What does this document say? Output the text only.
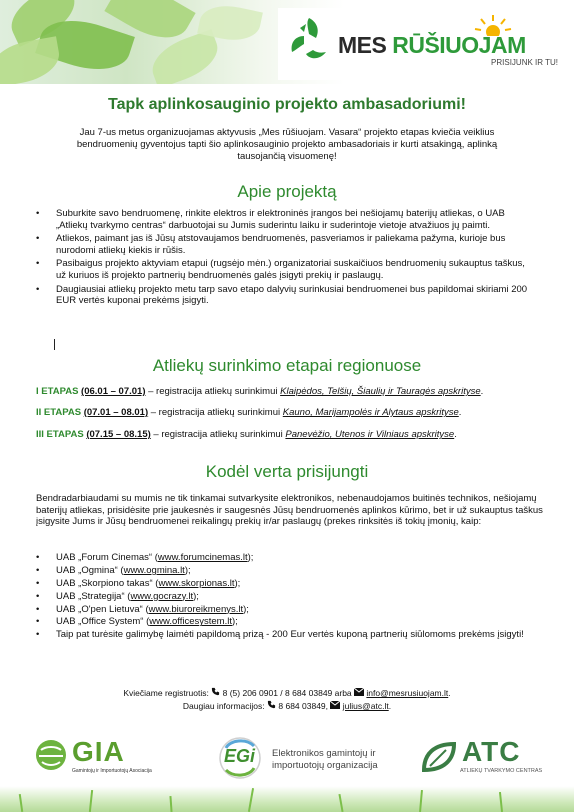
MES RŪŠIUOJAM
PRISIJUNK IR TU!
Tapk aplinkosauginio projekto ambasadoriumi!

Jau 7-us metus organizuojamas aktyvusis „Mes rūšiuojam. Vasara“ projekto etapas kviečia veiklius bendruomenių gyventojus tapti šio aplinkosauginio projekto ambasadoriais ir kurti atsakingą, aplinką tausojančią visuomenę!

Apie projektą
• Suburkite savo bendruomenę, rinkite elektros ir elektroninės įrangos bei nešiojamų baterijų atliekas, o UAB „Atliekų tvarkymo centras“ darbuotojai su Jumis suderintu laiku ir suderintoje vietoje atvažiuos jų paimti.
• Atliekos, paimant jas iš Jūsų atstovaujamos bendruomenės, pasveriamos ir paliekama pažyma, kurioje bus nurodomi atliekų kiekis ir rūšis.
• Pasibaigus projekto aktyviam etapui (rugsėjo mėn.) organizatoriai suskaičiuos bendruomenių sukauptus taškus, už kuriuos iš projekto partnerių bendruomenės galės įsigyti prekių ir paslaugų.
• Daugiausiai atliekų projekto metu tarp savo etapo dalyvių surinkusiai bendruomenei bus papildomai skiriami 200 EUR vertės kuponai prekėms įsigyti.
Atliekų surinkimo etapai regionuose

I ETAPAS (06.01 – 07.01) – registracija atliekų surinkimui Klaipėdos, Telšių, Šiaulių ir Tauragės apskrityse.

II ETAPAS (07.01 – 08.01) – registracija atliekų surinkimui Kauno, Marijampolės ir Alytaus apskrityse.

III ETAPAS (07.15 – 08.15) – registracija atliekų surinkimui Panevėžio, Utenos ir Vilniaus apskrityse.

Kodėl verta prisijungti

Bendradarbiaudami su mumis ne tik tinkamai sutvarkysite elektronikos, nebenaudojamos buitinės technikos, nešiojamų baterijų atliekas, prisidėsite prie jaukesnės ir saugesnės Jūsų bendruomenės aplinkos kūrimo, bet ir už sukauptus taškus įsigysite Jums ir Jūsų bendruomenei reikalingų prekių ir/ar paslaugų (prekes rinksitės iš tokių įmonių, kaip:

• UAB „Forum Cinemas“ (www.forumcinemas.lt);
• UAB „Ogmina“ (www.ogmina.lt);
• UAB „Skorpiono takas“ (www.skorpionas.lt);
• UAB „Strategija“ (www.gocrazy.lt);
• UAB „O'pen Lietuva“ (www.biuroreikmenys.lt);
• UAB „Office System“ (www.officesystem.lt);
• Taip pat turėsite galimybę laimėti papildomą prizą - 200 Eur vertės kuponą partnerių siūlomoms prekėms įsigyti!

Kviečiame registruotis:  8 (5) 206 0901 / 8 684 03849 arba  info@mesrusiuojam.lt.

Daugiau informacijos:  8 684 03849,  julius@atc.lt.

GIA
Gamintojų ir Importuotojų Asociacija
EGi Elektronikos gamintojų ir
importuotojų organizacija	ATC
ATLIEKŲ TVARKYMO CENTRAS
